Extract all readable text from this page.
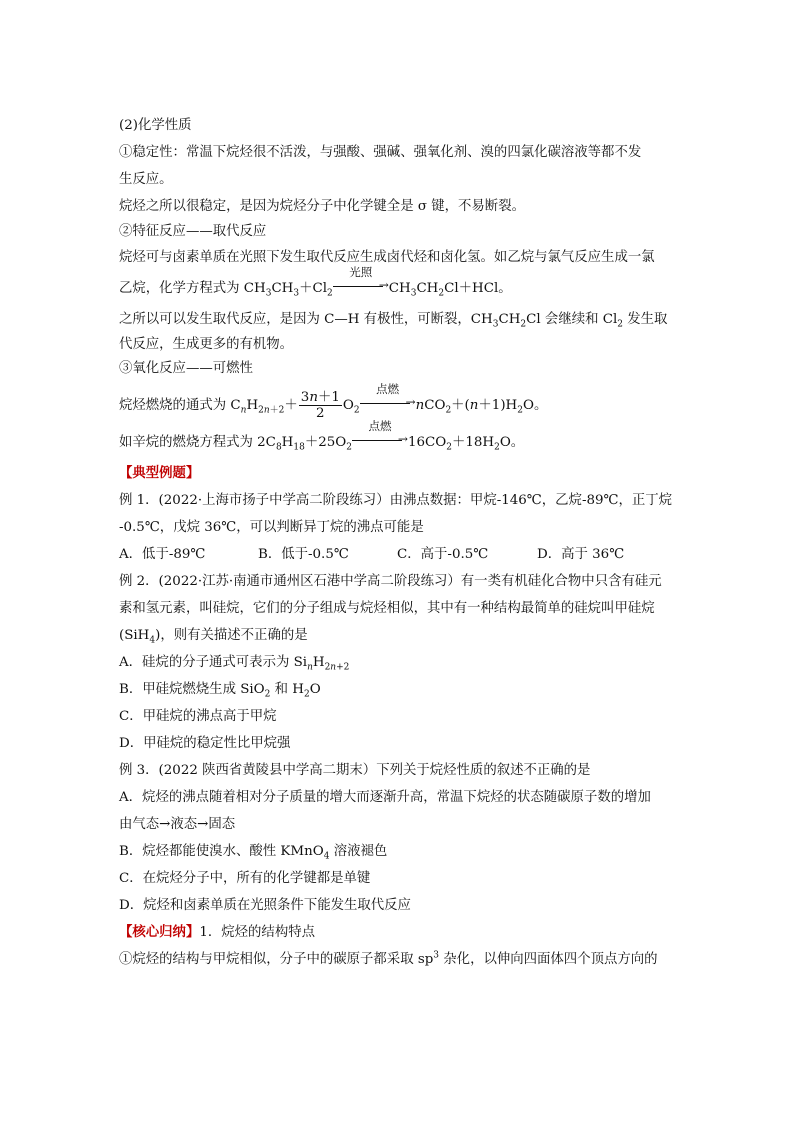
(2)化学性质
①稳定性：常温下烷烃很不活泼，与强酸、强碱、强氧化剂、溴的四氯化碳溶液等都不发
生反应。
烷烃之所以很稳定，是因为烷烃分子中化学键全是 σ 键，不易断裂。
②特征反应——取代反应
烷烃可与卤素单质在光照下发生取代反应生成卤代烃和卤化氢。如乙烷与氯气反应生成一氯
乙烷，化学方程式为 $CH_3CH_3+Cl_2$
光照
→ $CH_3CH_2Cl+HCl$。
之所以可以发生取代反应，是因为 C—H 有极性，可断裂，$CH_3CH_2Cl$ 会继续和 $Cl_2$ 发生取
代反应，生成更多的有机物。
③氧化反应——可燃性
烷烃燃烧的通式为 $C_nH_{2n+2}+ \frac{3n+1}{2} O_2$
点燃
→ $nCO_2+(n+1)H_2O$。
如辛烷的燃烧方程式为 $2C_8H_{18}+25O_2$
点燃
→ $16CO_2+18H_2O$。
【典型例题】
例 1．(2022·上海市扬子中学高二阶段练习）由沸点数据：甲烷-146℃，乙烷-89℃，正丁烷
-0.5℃，戊烷 36℃，可以判断异丁烷的沸点可能是
A．低于-89℃	B．低于-0.5℃	C．高于-0.5℃	D．高于 36℃
例 2．(2022·江苏·南通市通州区石港中学高二阶段练习）有一类有机硅化合物中只含有硅元
素和氢元素，叫硅烷，它们的分子组成与烷烃相似，其中有一种结构最简单的硅烷叫甲硅烷
(SiH$_4$)，则有关描述不正确的是
A．硅烷的分子通式可表示为 $Si_nH_{2n+2}$
B．甲硅烷燃烧生成 SiO$_2$ 和 $H_2O$
C．甲硅烷的沸点高于甲烷
D．甲硅烷的稳定性比甲烷强
例 3．(2022 陕西省黄陵县中学高二期末）下列关于烷烃性质的叙述不正确的是
A．烷烃的沸点随着相对分子质量的增大而逐渐升高，常温下烷烃的状态随碳原子数的增加
由气态→液态→固态
B．烷烃都能使溴水、酸性 KMnO$_4$ 溶液褪色
C．在烷烃分子中，所有的化学键都是单键
D．烷烃和卤素单质在光照条件下能发生取代反应
【核心归纳】1．烷烃的结构特点
①烷烃的结构与甲烷相似，分子中的碳原子都采取 $sp^3$ 杂化，以伸向四面体四个顶点方向的
